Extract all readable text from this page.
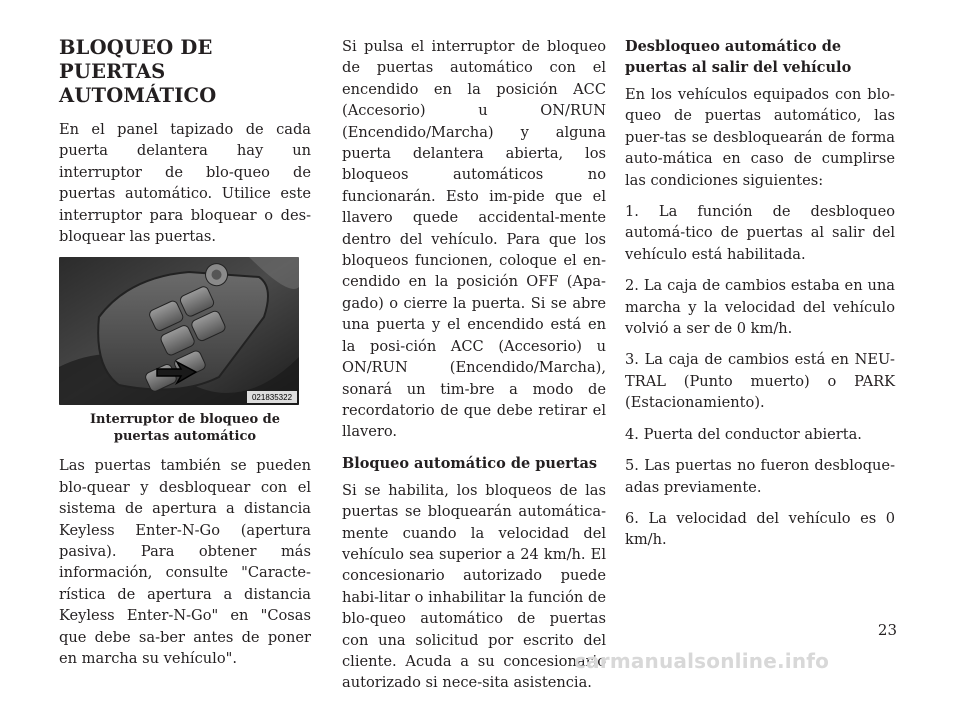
BLOQUEO DE PUERTAS
AUTOMÁTICO

En el panel tapizado de cada puerta delantera hay un interruptor de blo-queo de puertas automático. Utilice este interruptor para bloquear o des-bloquear las puertas.

021835322

Interruptor de bloqueo de puertas automático

Las puertas también se pueden blo-quear y desbloquear con el sistema de apertura a distancia Keyless Enter-N-Go (apertura pasiva). Para obtener más información, consulte "Caracte-rística de apertura a distancia Keyless Enter-N-Go" en "Cosas que debe sa-ber antes de poner en marcha su vehículo".

Si pulsa el interruptor de bloqueo de puertas automático con el encendido en la posición ACC (Accesorio) u ON/RUN (Encendido/Marcha) y alguna puerta delantera abierta, los bloqueos automáticos no funcionarán. Esto im-pide que el llavero quede accidental-mente dentro del vehículo. Para que los bloqueos funcionen, coloque el en-cendido en la posición OFF (Apa-gado) o cierre la puerta. Si se abre una puerta y el encendido está en la posi-ción ACC (Accesorio) u ON/RUN (Encendido/Marcha), sonará un tim-bre a modo de recordatorio de que debe retirar el llavero.

Bloqueo automático de puertas

Si se habilita, los bloqueos de las puertas se bloquearán automática-mente cuando la velocidad del vehículo sea superior a 24 km/h. El concesionario autorizado puede habi-litar o inhabilitar la función de blo-queo automático de puertas con una solicitud por escrito del cliente. Acuda a su concesionario autorizado si nece-sita asistencia.

Desbloqueo automático de
puertas al salir del vehículo

En los vehículos equipados con blo-queo de puertas automático, las puer-tas se desbloquearán de forma auto-mática en caso de cumplirse las condiciones siguientes:

1. La función de desbloqueo automá-tico de puertas al salir del vehículo está habilitada.

2. La caja de cambios estaba en una marcha y la velocidad del vehículo volvió a ser de 0 km/h.

3. La caja de cambios está en NEU-TRAL (Punto muerto) o PARK (Estacionamiento).

4. Puerta del conductor abierta.

5. Las puertas no fueron desbloque-adas previamente.

6. La velocidad del vehículo es 0 km/h.

23
carmanualsonline.info
